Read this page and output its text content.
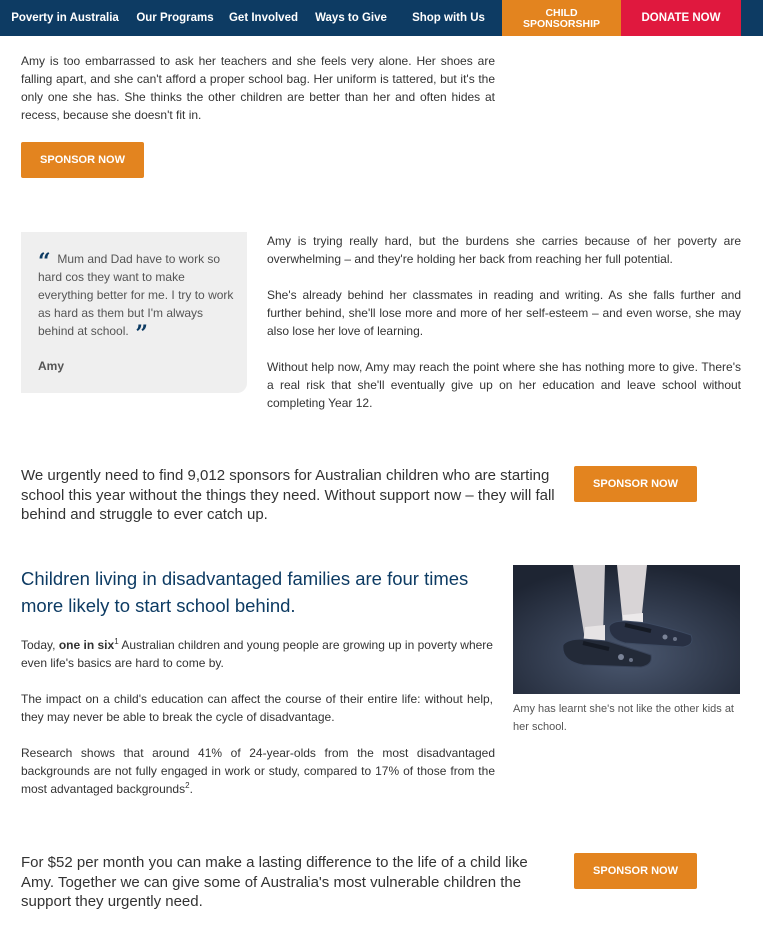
Poverty in Australia	Our Programs	Get Involved	Ways to Give	Shop with Us	CHILD
SPONSORSHIP	DONATE NOW
Amy is too embarrassed to ask her teachers and she feels very alone. Her shoes are falling apart, and she can't afford a proper school bag. Her uniform is tattered, but it's the only one she has. She thinks the other children are better than her and often hides at recess, because she doesn't fit in.
SPONSOR NOW
“ Mum and Dad have to work so hard cos they want to make everything better for me. I try to work as hard as them but I'm always behind at school. ”
Amy
Amy is trying really hard, but the burdens she carries because of her poverty are overwhelming – and they're holding her back from reaching her full potential.
She's already behind her classmates in reading and writing. As she falls further and further behind, she'll lose more and more of her self-esteem – and even worse, she may also lose her love of learning.
Without help now, Amy may reach the point where she has nothing more to give. There's a real risk that she'll eventually give up on her education and leave school without completing Year 12.
We urgently need to find 9,012 sponsors for Australian children who are starting school this year without the things they need. Without support now – they will fall behind and struggle to ever catch up.
SPONSOR NOW
Children living in disadvantaged families are four times more likely to start school behind.
Today, one in six$^1$ Australian children and young people are growing up in poverty where even life's basics are hard to come by.
The impact on a child's education can affect the course of their entire life: without help, they may never be able to break the cycle of disadvantage.
Research shows that around 41% of 24-year-olds from the most disadvantaged backgrounds are not fully engaged in work or study, compared to 17% of those from the most advantaged backgrounds$^2$.
Amy has learnt she's not like the other kids at her school.
For $52 per month you can make a lasting difference to the life of a child like Amy. Together we can give some of Australia's most vulnerable children the support they urgently need.
SPONSOR NOW
